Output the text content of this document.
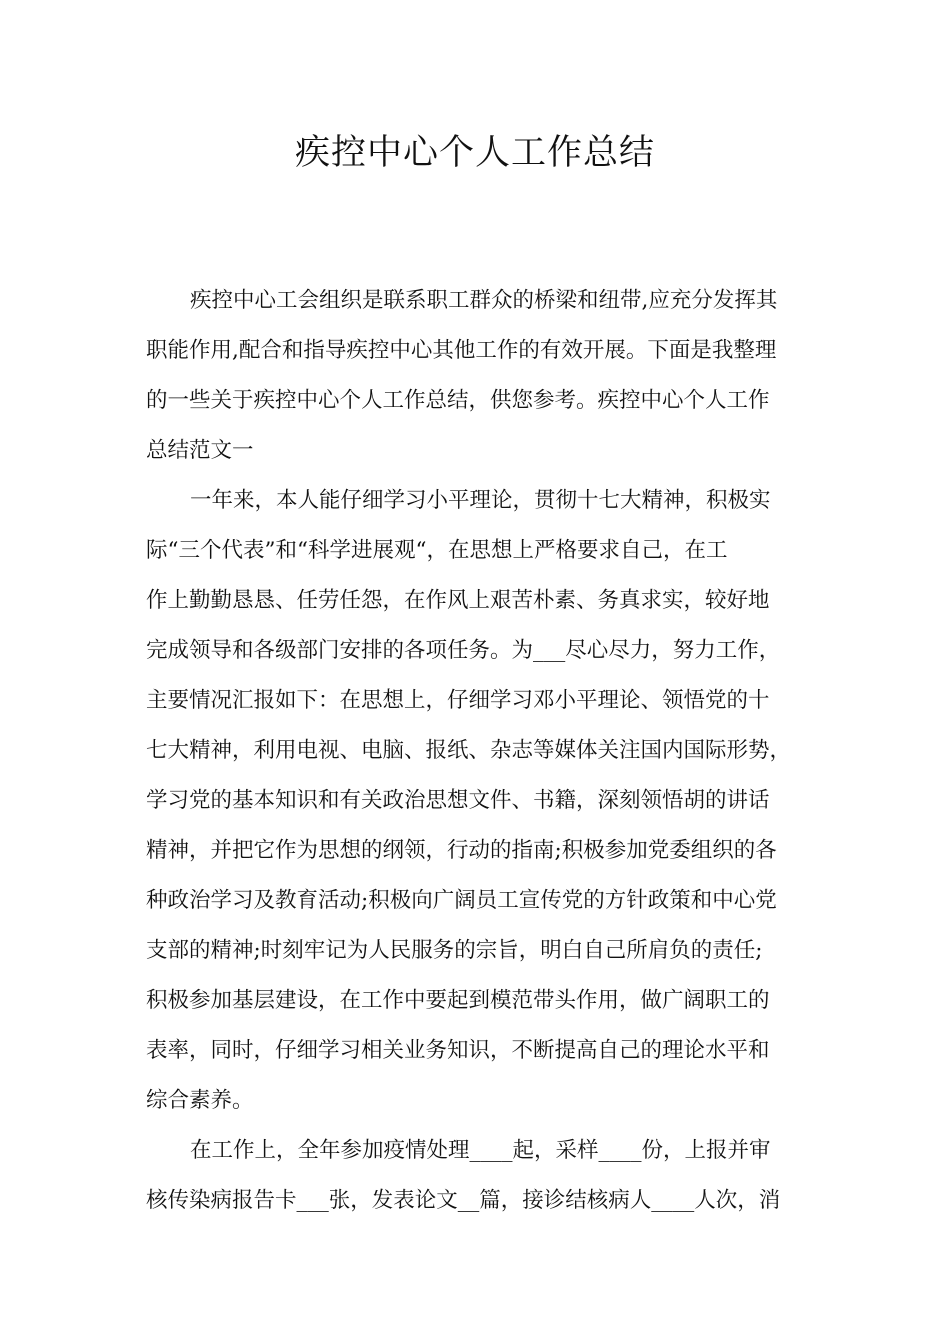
疾控中心个人工作总结
疾控中心工会组织是联系职工群众的桥梁和纽带,应充分发挥其
职能作用,配合和指导疾控中心其他工作的有效开展。下面是我整理
的一些关于疾控中心个人工作总结，供您参考。疾控中心个人工作
总结范文一
一年来，本人能仔细学习小平理论，贯彻十七大精神，积极实
际“三个代表”和“科学进展观“，在思想上严格要求自己，在工
作上勤勤恳恳、任劳任怨，在作风上艰苦朴素、务真求实，较好地
完成领导和各级部门安排的各项任务。为___尽心尽力，努力工作，
主要情况汇报如下：在思想上，仔细学习邓小平理论、领悟党的十
七大精神，利用电视、电脑、报纸、杂志等媒体关注国内国际形势，
学习党的基本知识和有关政治思想文件、书籍，深刻领悟胡的讲话
精神，并把它作为思想的纲领，行动的指南;积极参加党委组织的各
种政治学习及教育活动;积极向广阔员工宣传党的方针政策和中心党
支部的精神;时刻牢记为人民服务的宗旨，明白自己所肩负的责任;
积极参加基层建设，在工作中要起到模范带头作用，做广阔职工的
表率，同时，仔细学习相关业务知识，不断提高自己的理论水平和
综合素养。
在工作上，全年参加疫情处理____起，采样____份，上报并审
核传染病报告卡___张，发表论文__篇，接诊结核病人____人次，消
